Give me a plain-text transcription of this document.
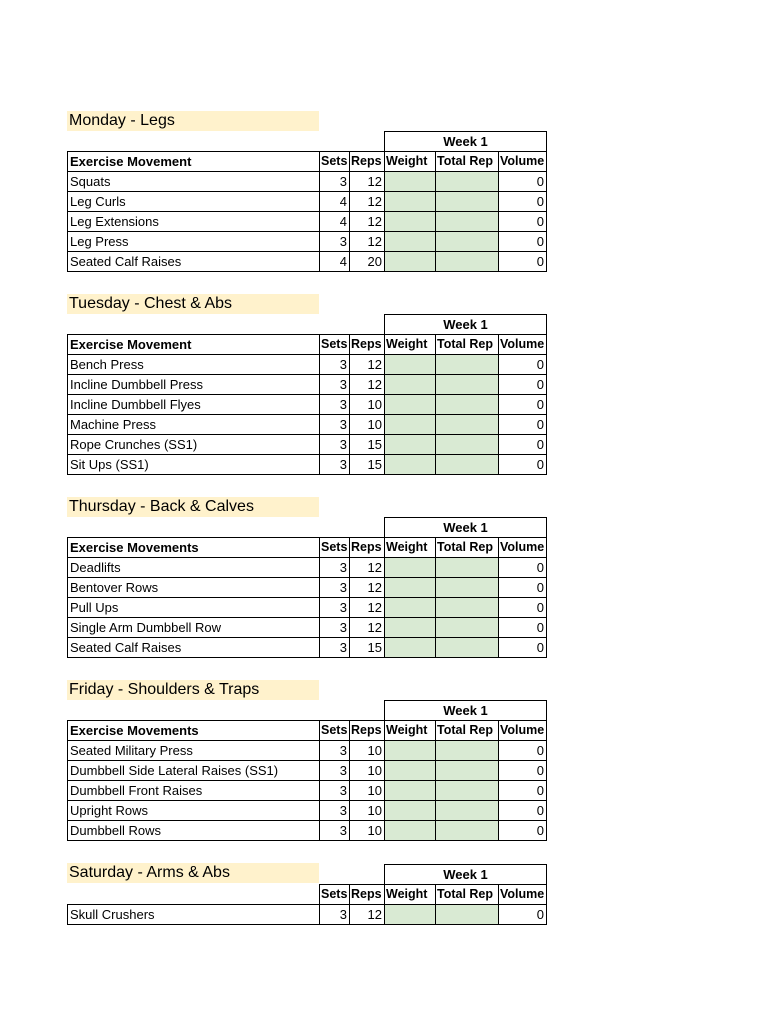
Monday - Legs
			Week 1		
Exercise Movement	Sets	Reps	Weight	Total Rep	Volume
Squats	3	12			0
Leg Curls	4	12			0
Leg Extensions	4	12			0
Leg Press	3	12			0
Seated Calf Raises	4	20			0
Tuesday - Chest & Abs
			Week 1		
Exercise Movement	Sets	Reps	Weight	Total Rep	Volume
Bench Press	3	12			0
Incline Dumbbell Press	3	12			0
Incline Dumbbell Flyes	3	10			0
Machine Press	3	10			0
Rope Crunches (SS1)	3	15			0
Sit Ups (SS1)	3	15			0
Thursday - Back & Calves
			Week 1		
Exercise Movements	Sets	Reps	Weight	Total Rep	Volume
Deadlifts	3	12			0
Bentover Rows	3	12			0
Pull Ups	3	12			0
Single Arm Dumbbell Row	3	12			0
Seated Calf Raises	3	15			0
Friday - Shoulders & Traps
			Week 1		
Exercise Movements	Sets	Reps	Weight	Total Rep	Volume
Seated Military Press	3	10			0
Dumbbell Side Lateral Raises (SS1)	3	10			0
Dumbbell Front Raises	3	10			0
Upright Rows	3	10			0
Dumbbell Rows	3	10			0
Saturday - Arms & Abs
			Week 1		
	Sets	Reps	Weight	Total Rep	Volume
Skull Crushers	3	12			0
